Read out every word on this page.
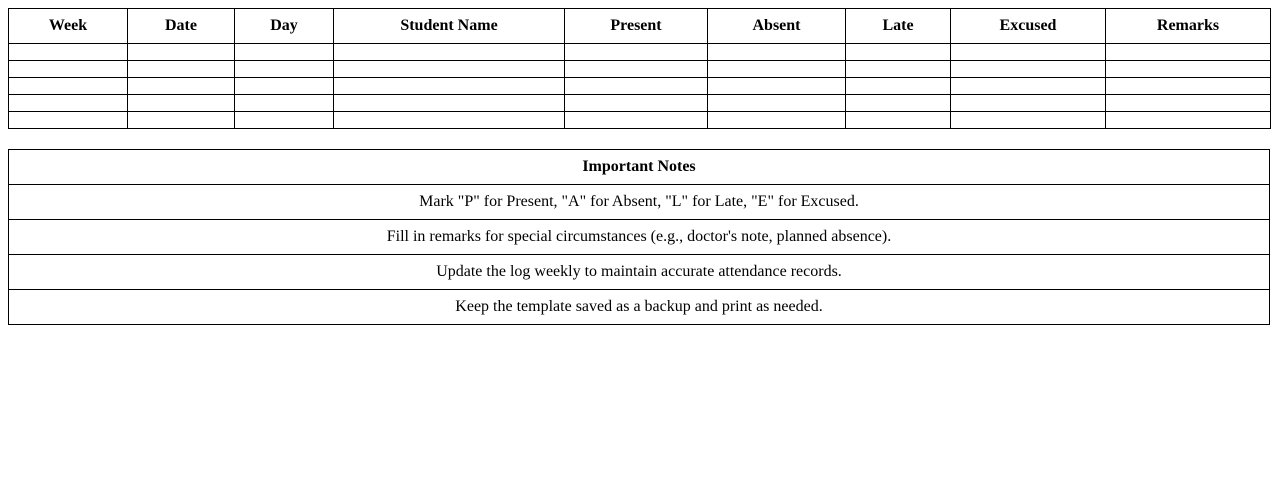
Week	Date	Day	Student Name	Present	Absent	Late	Excused	Remarks

Important Notes
Mark "P" for Present, "A" for Absent, "L" for Late, "E" for Excused.
Fill in remarks for special circumstances (e.g., doctor's note, planned absence).
Update the log weekly to maintain accurate attendance records.
Keep the template saved as a backup and print as needed.
